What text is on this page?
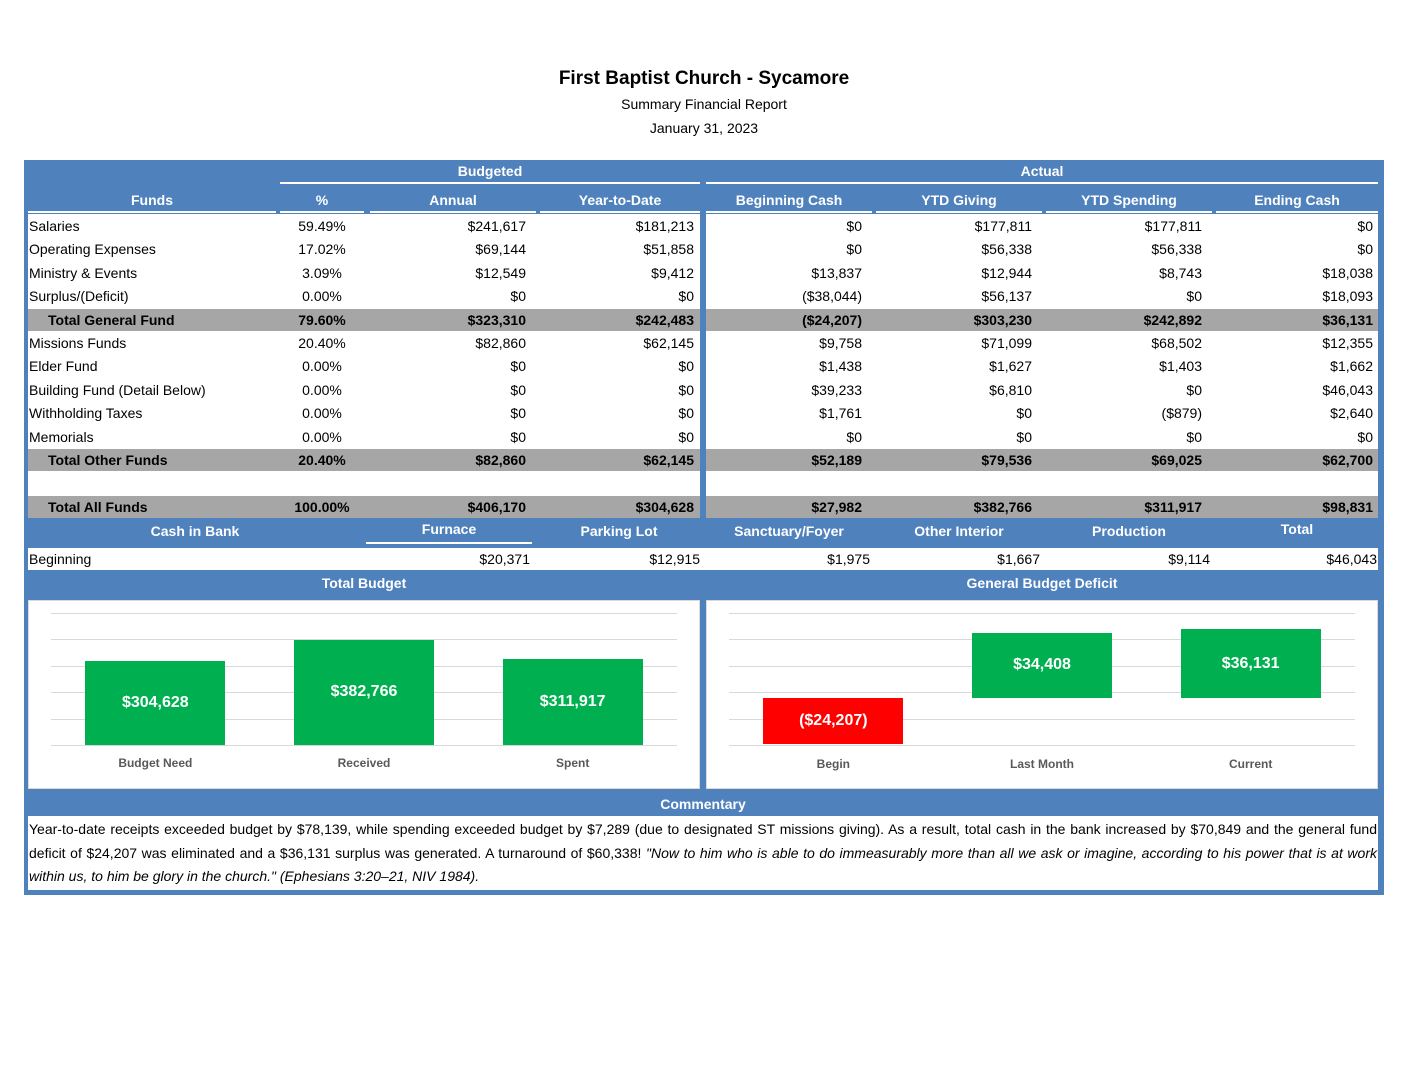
First Baptist Church - Sycamore
Summary Financial Report
January 31, 2023
Budgeted	Actual
Funds	%	Annual	Year-to-Date	Beginning Cash	YTD Giving	YTD Spending	Ending Cash
Salaries	59.49%	$241,617	$181,213	$0	$177,811	$177,811	$0
Operating Expenses	17.02%	$69,144	$51,858	$0	$56,338	$56,338	$0
Ministry & Events	3.09%	$12,549	$9,412	$13,837	$12,944	$8,743	$18,038
Surplus/(Deficit)	0.00%	$0	$0	($38,044)	$56,137	$0	$18,093
Total General Fund	79.60%	$323,310	$242,483	($24,207)	$303,230	$242,892	$36,131
Missions Funds	20.40%	$82,860	$62,145	$9,758	$71,099	$68,502	$12,355
Elder Fund	0.00%	$0	$0	$1,438	$1,627	$1,403	$1,662
Building Fund (Detail Below)	0.00%	$0	$0	$39,233	$6,810	$0	$46,043
Withholding Taxes	0.00%	$0	$0	$1,761	$0	($879)	$2,640
Memorials	0.00%	$0	$0	$0	$0	$0	$0
Total Other Funds	20.40%	$82,860	$62,145	$52,189	$79,536	$69,025	$62,700
Total All Funds	100.00%	$406,170	$304,628	$27,982	$382,766	$311,917	$98,831
Cash in Bank	Furnace	Parking Lot	Sanctuary/Foyer	Other Interior	Production	Total
Beginning	$20,371	$12,915	$1,975	$1,667	$9,114	$46,043
Total Budget	General Budget Deficit
$304,628
Budget Need
$382,766
Received
$311,917
Spent
($24,207)
Begin
$34,408
Last Month
$36,131
Current
Commentary
Year-to-date receipts exceeded budget by $78,139, while spending exceeded budget by $7,289 (due to designated ST missions giving). As a result, total cash in the bank increased by $70,849 and the general fund deficit of $24,207 was eliminated and a $36,131 surplus was generated. A turnaround of $60,338! "Now to him who is able to do immeasurably more than all we ask or imagine, according to his power that is at work within us, to him be glory in the church." (Ephesians 3:20–21, NIV 1984).
